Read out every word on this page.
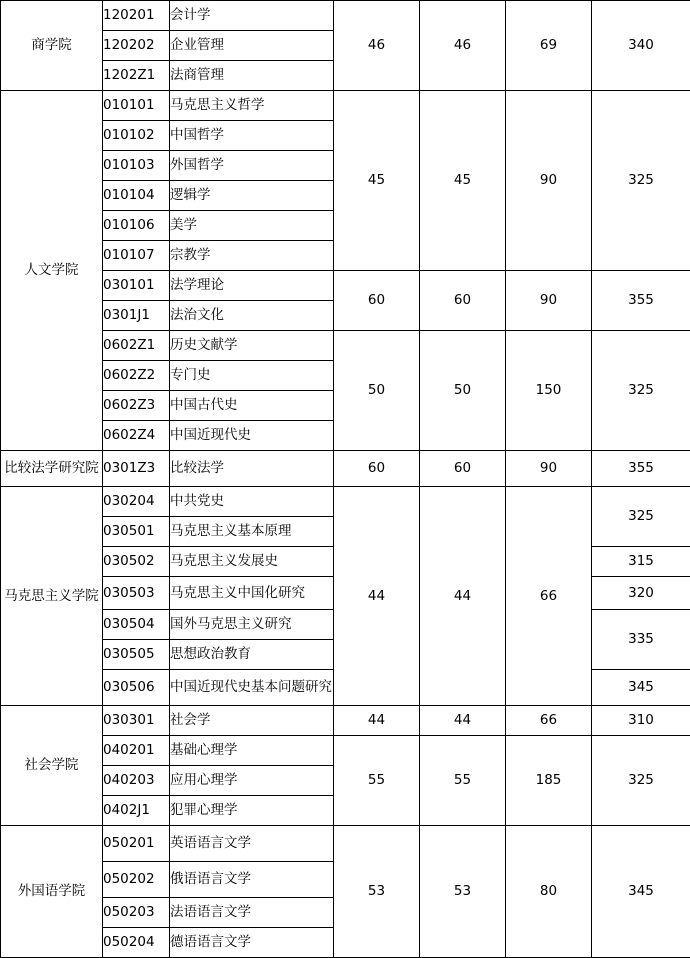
商学院	120201	会计学	46	46	69	340
	120202	企业管理				
	1202Z1	法商管理				
人文学院	010101	马克思主义哲学	45	45	90	325
	010102	中国哲学				
	010103	外国哲学				
	010104	逻辑学				
	010106	美学				
	010107	宗教学				
	030101	法学理论	60	60	90	355
	0301J1	法治文化				
	0602Z1	历史文献学	50	50	150	325
	0602Z2	专门史				
	0602Z3	中国古代史				
	0602Z4	中国近现代史				
比较法学研究院	0301Z3	比较法学	60	60	90	355
马克思主义学院	030204	中共党史	44	44	66	325
	030501	马克思主义基本原理				
	030502	马克思主义发展史				315
	030503	马克思主义中国化研究				320
	030504	国外马克思主义研究				335
	030505	思想政治教育				
	030506	中国近现代史基本问题研究				345
社会学院	030301	社会学	44	44	66	310
	040201	基础心理学	55	55	185	325
	040203	应用心理学				
	0402J1	犯罪心理学				
外国语学院	050201	英语语言文学	53	53	80	345
	050202	俄语语言文学				
	050203	法语语言文学				
	050204	德语语言文学				
